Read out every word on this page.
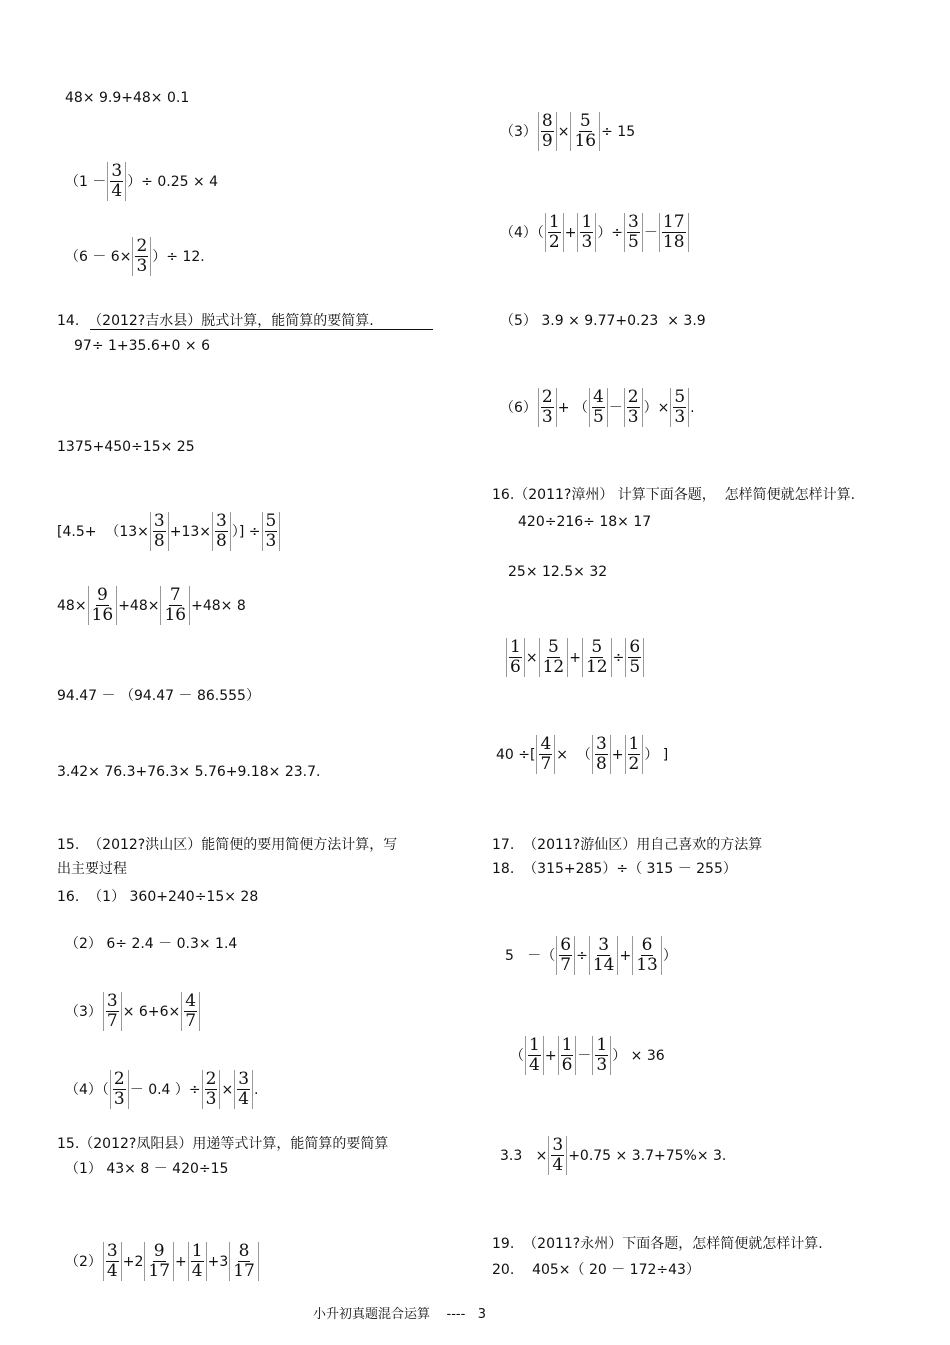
48× 9.9+48× 0.1
（1 －
3
4 ）÷ 0.25 × 4
（$6 - 6\times \frac{2}{3}$ ）÷ 12.
14.  （2012?吉水县）脱式计算，能简算的要简算.
97÷ 1+35.6+0 × 6
1375+450÷15× 25
[$4.5+ (13\times \frac{3}{8} +13\times \frac{3}{8}$ ）] ÷ $\frac{5}{3}$
$48\times \frac{9}{16} +48\times \frac{7}{16} +48\times 8$
94.47 － （94.47 － 86.555）
3.42× 76.3+76.3× 5.76+9.18× 23.7.
15.  （2012?洪山区）能简便的要用简便方法计算，写
出主要过程
16.  （1） 360+240÷15× 28
（2） 6÷ 2.4 － 0.3× 1.4
$(3) \frac{3}{7} \times 6+6\times \frac{4}{7}$
（4）（
2
3 － 0.4 ）÷ $\frac{2}{3} \times \frac{3}{4}$ .
15.（2012?凤阳县）用递等式计算，能简算的要简算
（1） 43× 8 － 420÷15
（2）
3
4 +2
9
$17 + \frac{1}{4} +3$
8
17
$(3) \frac{8}{9} \times \frac{5}{16} \div 15$
（4）（
1
$2 + \frac{1}{3}$ ）÷ $\frac{3}{5}$ －
17
18
（5） 3.9 × 9.77+0.23  × 3.9
（6）
2
3 + （
4
5 －
2
3 ）× $\frac{5}{3}$ .
16.（2011?漳州） 计算下面各题，  怎样简便就怎样计算.
420÷216÷ 18× 17
25× 12.5× 32
$\frac{1}{6} \times \frac{5}{12} + \frac{5}{12} \div \frac{6}{5}$
40 ÷[ $\frac{4}{7}$ ×  （
3
$8 + \frac{1}{2}$ ） ]
17.  （2011?游仙区）用自己喜欢的方法算
18.  （315+285）÷（ 315 － 255）
5   －（ $\frac{6}{7} \div \frac{3}{14} + \frac{6}{13}$ ）
（
1
$4 + \frac{1}{6}$ －
1
3 ） × 36
$3.3 \times \frac{3}{4} +0.75 \times 3.7+75\%\times 3$.
19.  （2011?永州）下面各题，怎样简便就怎样计算.
20.    405×（ 20 － 172÷43）
小升初真题混合运算    ----   3
